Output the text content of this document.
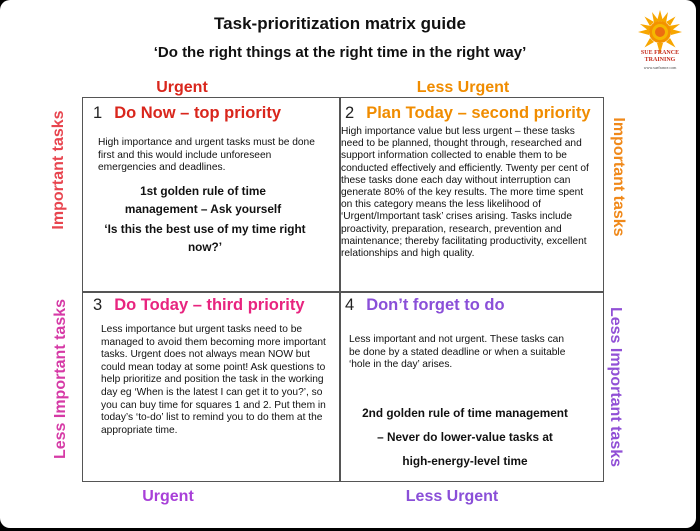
Task-prioritization matrix guide
‘Do the right things at the right time in the right way’	SUE FRANCE
TRAINING
www.suefrance.com
Urgent	Less Urgent
Urgent	Less Urgent
Important tasks
Less Important tasks
Important tasks
Less Important tasks
1 Do Now – top priority
High importance and urgent tasks must be done first and this would include unforeseen emergencies and deadlines.
1st golden rule of time management – Ask yourself
‘Is this the best use of my time right now?’
2 Plan Today – second priority
High importance value but less urgent – these tasks need to be planned, thought through, researched and support information collected to enable them to be conducted effectively and efficiently. Twenty per cent of these tasks done each day without interruption can generate 80% of the key results. The more time spent on this category means the less likelihood of ‘Urgent/Important task’ crises arising. Tasks include proactivity, preparation, research, prevention and maintenance; thereby facilitating productivity, excellent relationships and high quality.
3 Do Today – third priority
Less importance but urgent tasks need to be managed to avoid them becoming more important tasks. Urgent does not always mean NOW but could mean today at some point! Ask questions to help prioritize and position the task in the working day eg ‘When is the latest I can get it to you?’, so you can buy time for squares 1 and 2. Put them in today’s ‘to-do’ list to remind you to do them at the appropriate time.
4 Don’t forget to do
Less important and not urgent. These tasks can be done by a stated deadline or when a suitable ‘hole in the day’ arises.
2nd golden rule of time management
– Never do lower-value tasks at
high-energy-level time
